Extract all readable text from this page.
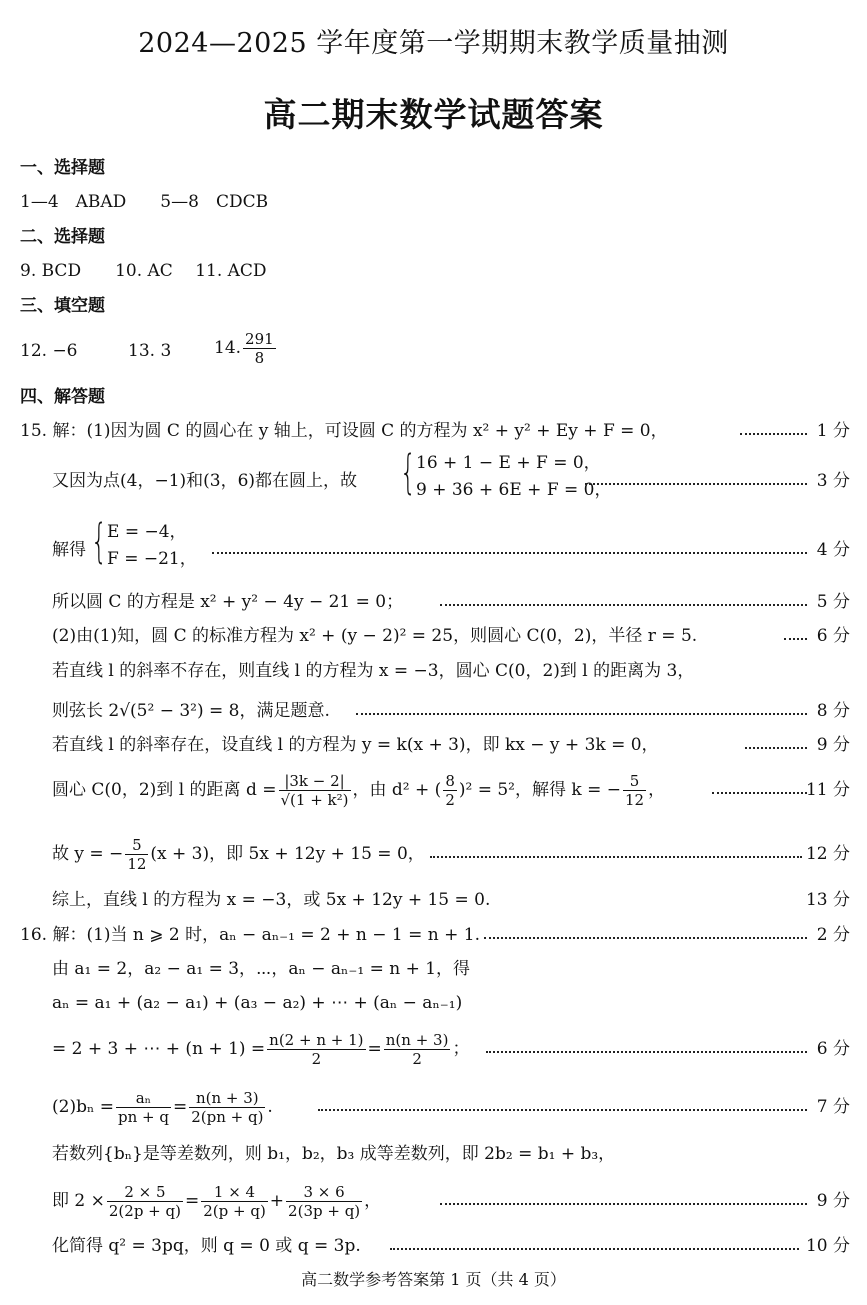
2024—2025 学年度第一学期期末教学质量抽测
高二期末数学试题答案
一、选择题
1—4　ABAD　　5—8　CDCB
二、选择题
9. BCD　　10. AC　 11. ACD
三、填空题
12. −6	13. 3	14. $\frac{291}{8}$
四、解答题
15. 解：(1)因为圆 C 的圆心在 y 轴上，可设圆 C 的方程为 x² + y² + Ey + F = 0，	1 分
又因为点(4，−1)和(3，6)都在圆上，故 { 16 + 1 − E + F = 0，
9 + 36 + 6E + F = 0，	3 分
解得 { E = −4，
F = −21，	4 分
所以圆 C 的方程是 x² + y² − 4y − 21 = 0；	5 分
(2)由(1)知，圆 C 的标准方程为 x² + (y − 2)² = 25，则圆心 C(0，2)，半径 r = 5.	6 分
若直线 l 的斜率不存在，则直线 l 的方程为 x = −3，圆心 C(0，2)到 l 的距离为 3，
则弦长 2√(5² − 3²) = 8，满足题意.	8 分
若直线 l 的斜率存在，设直线 l 的方程为 y = k(x + 3)，即 kx − y + 3k = 0，	9 分
圆心 C(0，2)到 l 的距离 $d = \frac{|3k - 2|}{\text{√(1 + k²)}}$ ，由 d² + ( $\frac{8}{2} )^2 = 5^2$，解得 k = − $\frac{5}{12}$ ，	11 分
故 y = − $\frac{5}{12} (x + 3)$，即 5x + 12y + 15 = 0，	12 分
综上，直线 l 的方程为 x = −3，或 5x + 12y + 15 = 0.	13 分
16. 解：(1)当 n ⩾ 2 时，aₙ − aₙ₋₁ = 2 + n − 1 = n + 1.	2 分
由 a₁ = 2，a₂ − a₁ = 3，⋯，aₙ − aₙ₋₁ = n + 1，得
aₙ = a₁ + (a₂ − a₁) + (a₃ − a₂) + ⋯ + (aₙ − aₙ₋₁)
= 2 + 3 + ⋯ + $(n + 1) = \frac{n(2 + n + 1)}{2} = \frac{n(n + 3)}{2}$ ；	6 分
$(2)b_n = \frac{\text{aₙ}}{pn + q} = \frac{n(n + 3)}{2(pn + q)}$ .	7 分
若数列{bₙ}是等差数列，则 b₁，b₂，b₃ 成等差数列，即 2b₂ = b₁ + b₃，
即 $2 \times \frac{2 \times 5}{2(2p + q)} = \frac{1 \times 4}{2(p + q)} + \frac{3 \times 6}{2(3p + q)}$ ，	9 分
化简得 q² = 3pq，则 q = 0 或 q = 3p.	10 分
高二数学参考答案第 1 页（共 4 页）
